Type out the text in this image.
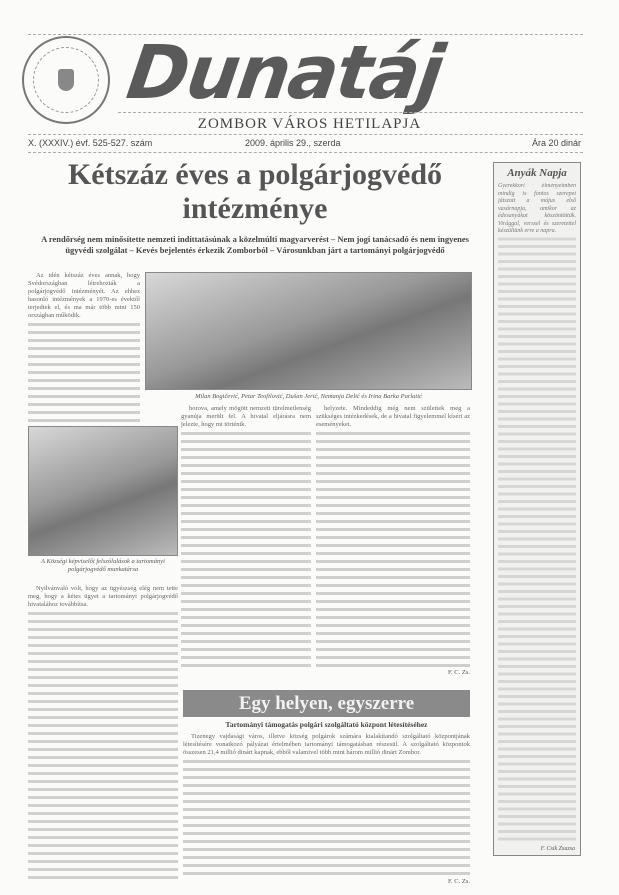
Dunatáj
ZOMBOR VÁROS HETILAPJA
X. (XXXIV.) évf. 525-527. szám	2009. április 29., szerda	Ára 20 dinár
Kétszáz éves a polgárjogvédő intézménye
A rendőrség nem minősítette nemzeti indíttatásúnak a közelmúlti magyarverést – Nem jogi tanácsadó és nem ingyenes ügyvédi szolgálat – Kevés bejelentés érkezik Zomborból – Városunkban járt a tartományi polgárjogvédő

Az idén kétszáz éves annak, hogy Svédországban létrehozták a polgárjogvédő intézményét. Az ehhez hasonló intézmények a 1970-es évektől terjedtek el, és ma már több mint 150 országban működik.

Milan Bogičević, Petar Teofilović, Dušan Jerić, Nemanja Delić és Irina Barka Parlatić
A Községi képviselői felszólalások a tartományi polgárjogvédő munkatársa

Nyilvánvaló volt, hogy az ügyészség elég nem tette meg, hogy a kétes ügyet a tartományi polgárjogvédő hivatalához továbbítsa.

borova, amely mögött nemzeti türelmetlenség gyanúja merült fel. A hivatal eljárásra nem jelezte, hogy mi történik.

helyzete. Mindeddig még nem születtek meg a szükséges intézkedések, de a hivatal figyelemmel kíséri az eseményeket.

F. C. Zs.
Egy helyen, egyszerre
Tartományi támogatás polgári szolgáltató központ létesítéséhez

Tizenegy vajdasági város, illetve község polgárok számára kialakítandó szolgáltató központjának létesítésére vonatkozó pályázat értelmében tartományi támogatásban részesül. A szolgáltató központok összesen 21,4 millió dinárt kapnak, ebből valamivel több mint három millió dinárt Zombor.

F. C. Zs.
Anyák Napja

Gyerekkori élményeimben mindig is fontos szerepet játszott a május első vasárnapja, amikor az édesanyákat köszöntöttük. Virággal, verssel és szeretettel készültünk erre a napra.

F. Csik Zsuzsa
